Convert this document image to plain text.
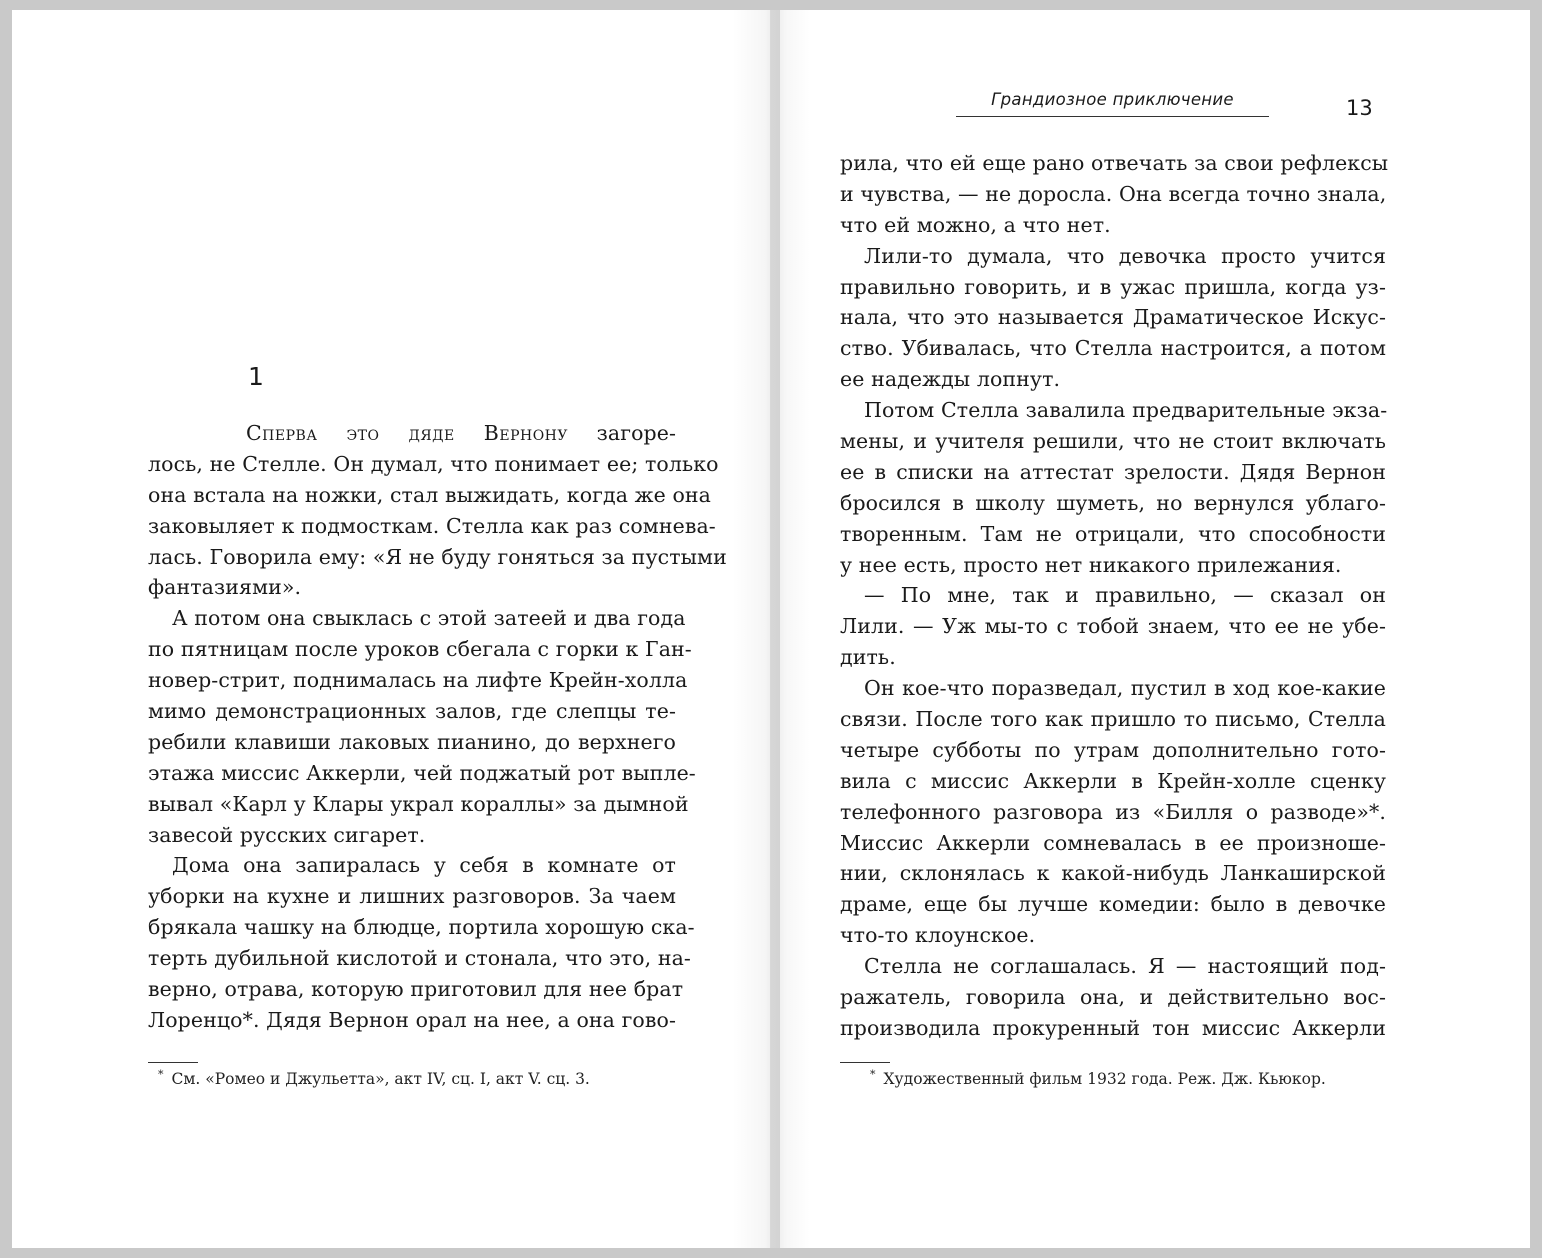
1
Сперва это дяде Вернону загоре-
лось, не Стелле. Он думал, что понимает ее; только
она встала на ножки, стал выжидать, когда же она
заковыляет к подмосткам. Стелла как раз сомнева-
лась. Говорила ему: «Я не буду гоняться за пустыми
фантазиями».
А потом она свыклась с этой затеей и два года
по пятницам после уроков сбегала с горки к Ган-
новер-стрит, поднималась на лифте Крейн-холла
мимо демонстрационных залов, где слепцы те-
ребили клавиши лаковых пианино, до верхнего
этажа миссис Аккерли, чей поджатый рот выпле-
вывал «Карл у Клары украл кораллы» за дымной
завесой русских сигарет.
Дома она запиралась у себя в комнате от
уборки на кухне и лишних разговоров. За чаем
брякала чашку на блюдце, портила хорошую ска-
терть дубильной кислотой и стонала, что это, на-
верно, отрава, которую приготовил для нее брат
Лоренцо*. Дядя Вернон орал на нее, а она гово-
* См. «Ромео и Джульетта», акт IV, сц. I, акт V. сц. 3.
Грандиозное приключение	13
рила, что ей еще рано отвечать за свои рефлексы
и чувства, — не доросла. Она всегда точно знала,
что ей можно, а что нет.
Лили-то думала, что девочка просто учится
правильно говорить, и в ужас пришла, когда уз-
нала, что это называется Драматическое Искус-
ство. Убивалась, что Стелла настроится, а потом
ее надежды лопнут.
Потом Стелла завалила предварительные экза-
мены, и учителя решили, что не стоит включать
ее в списки на аттестат зрелости. Дядя Вернон
бросился в школу шуметь, но вернулся ублаго-
творенным. Там не отрицали, что способности
у нее есть, просто нет никакого прилежания.
— По мне, так и правильно, — сказал он
Лили. — Уж мы-то с тобой знаем, что ее не убе-
дить.
Он кое-что поразведал, пустил в ход кое-какие
связи. После того как пришло то письмо, Стелла
четыре субботы по утрам дополнительно гото-
вила с миссис Аккерли в Крейн-холле сценку
телефонного разговора из «Билля о разводе»*.
Миссис Аккерли сомневалась в ее произноше-
нии, склонялась к какой-нибудь Ланкаширской
драме, еще бы лучше комедии: было в девочке
что-то клоунское.
Стелла не соглашалась. Я — настоящий под-
ражатель, говорила она, и действительно вос-
производила прокуренный тон миссис Аккерли
* Художественный фильм 1932 года. Реж. Дж. Кьюкор.
